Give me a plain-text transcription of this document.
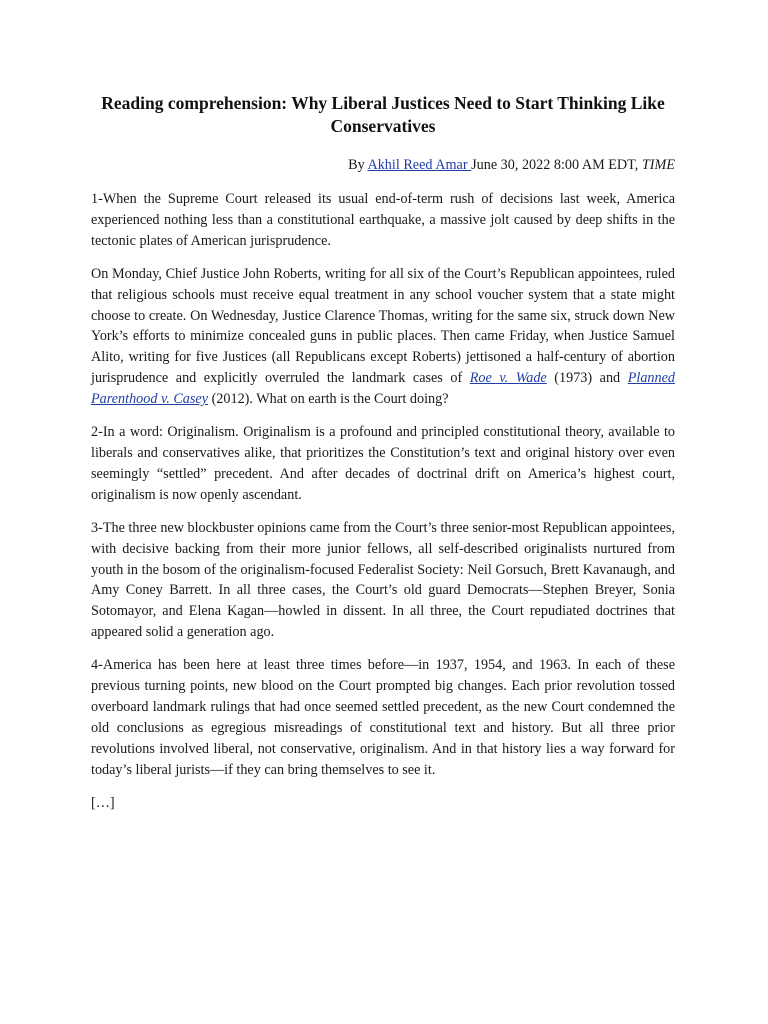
Reading comprehension: Why Liberal Justices Need to Start Thinking Like Conservatives
By Akhil Reed Amar June 30, 2022 8:00 AM EDT, TIME

1-When the Supreme Court released its usual end-of-term rush of decisions last week, America experienced nothing less than a constitutional earthquake, a massive jolt caused by deep shifts in the tectonic plates of American jurisprudence.

On Monday, Chief Justice John Roberts, writing for all six of the Court’s Republican appointees, ruled that religious schools must receive equal treatment in any school voucher system that a state might choose to create. On Wednesday, Justice Clarence Thomas, writing for the same six, struck down New York’s efforts to minimize concealed guns in public places. Then came Friday, when Justice Samuel Alito, writing for five Justices (all Republicans except Roberts) jettisoned a half-century of abortion jurisprudence and explicitly overruled the landmark cases of Roe v. Wade (1973) and Planned Parenthood v. Casey (2012). What on earth is the Court doing?

2-In a word: Originalism. Originalism is a profound and principled constitutional theory, available to liberals and conservatives alike, that prioritizes the Constitution’s text and original history over even seemingly “settled” precedent. And after decades of doctrinal drift on America’s highest court, originalism is now openly ascendant.

3-The three new blockbuster opinions came from the Court’s three senior-most Republican appointees, with decisive backing from their more junior fellows, all self-described originalists nurtured from youth in the bosom of the originalism-focused Federalist Society: Neil Gorsuch, Brett Kavanaugh, and Amy Coney Barrett. In all three cases, the Court’s old guard Democrats—Stephen Breyer, Sonia Sotomayor, and Elena Kagan—howled in dissent. In all three, the Court repudiated doctrines that appeared solid a generation ago.

4-America has been here at least three times before—in 1937, 1954, and 1963. In each of these previous turning points, new blood on the Court prompted big changes. Each prior revolution tossed overboard landmark rulings that had once seemed settled precedent, as the new Court condemned the old conclusions as egregious misreadings of constitutional text and history. But all three prior revolutions involved liberal, not conservative, originalism. And in that history lies a way forward for today’s liberal jurists—if they can bring themselves to see it.

[…]
